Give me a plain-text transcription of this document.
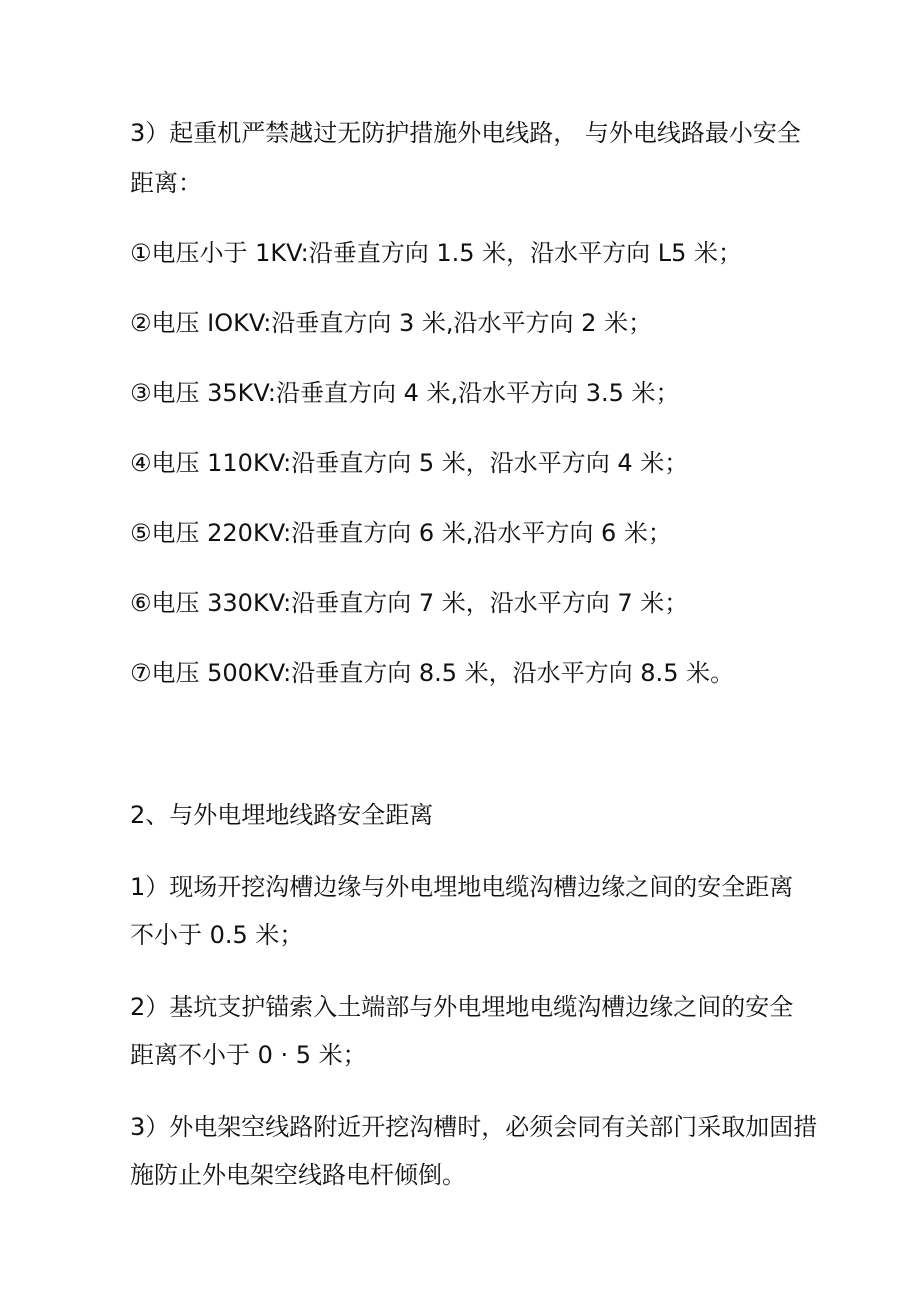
3）起重机严禁越过无防护措施外电线路， 与外电线路最小安全
距离：
①电压小于 1KV:沿垂直方向 1.5 米，沿水平方向 L5 米；
②电压 IOKV:沿垂直方向 3 米,沿水平方向 2 米；
③电压 35KV:沿垂直方向 4 米,沿水平方向 3.5 米；
④电压 110KV:沿垂直方向 5 米，沿水平方向 4 米；
⑤电压 220KV:沿垂直方向 6 米,沿水平方向 6 米；
⑥电压 330KV:沿垂直方向 7 米，沿水平方向 7 米；
⑦电压 500KV:沿垂直方向 8.5 米，沿水平方向 8.5 米。
2、与外电埋地线路安全距离
1）现场开挖沟槽边缘与外电埋地电缆沟槽边缘之间的安全距离
不小于 0.5 米；
2）基坑支护锚索入土端部与外电埋地电缆沟槽边缘之间的安全
距离不小于 0 · 5 米；
3）外电架空线路附近开挖沟槽时，必须会同有关部门采取加固措
施防止外电架空线路电杆倾倒。
